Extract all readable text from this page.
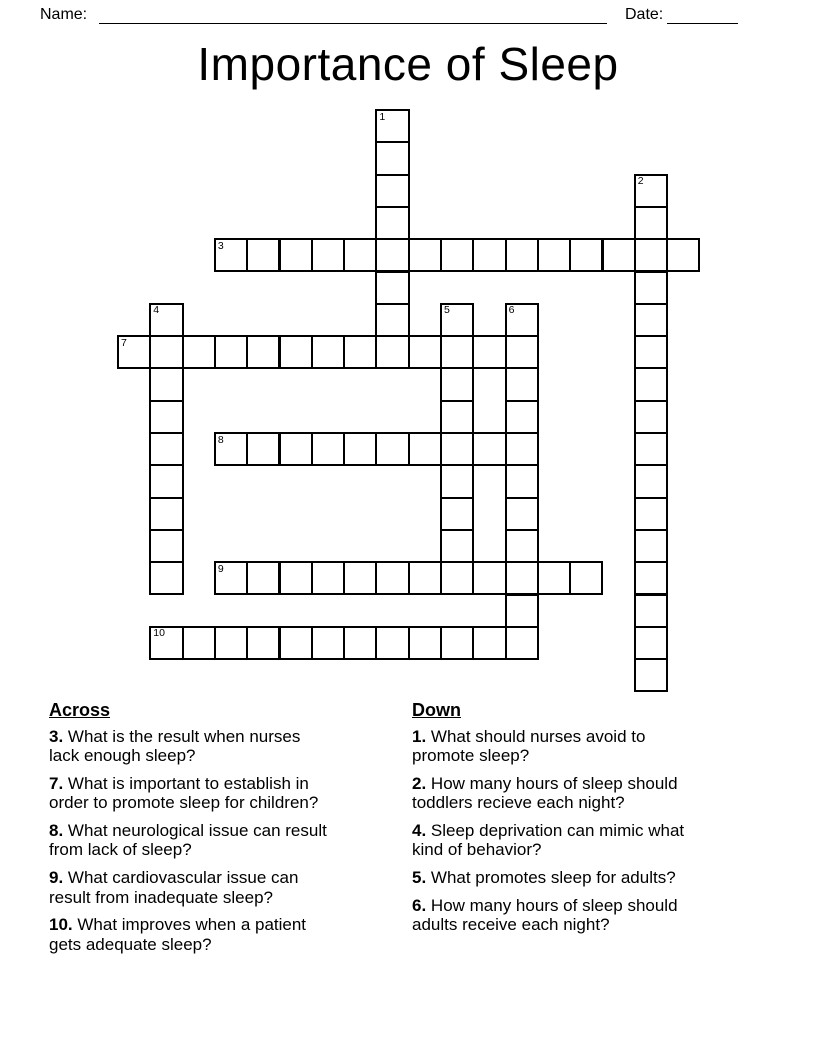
Name:	Date:
Importance of Sleep
1
2
3
4	5	6
7
8
9
10
Across

3. What is the result when nurses lack enough sleep?

7. What is important to establish in order to promote sleep for children?

8. What neurological issue can result from lack of sleep?

9. What cardiovascular issue can result from inadequate sleep?

10. What improves when a patient gets adequate sleep?

Down

1. What should nurses avoid to promote sleep?

2. How many hours of sleep should toddlers recieve each night?

4. Sleep deprivation can mimic what kind of behavior?

5. What promotes sleep for adults?

6. How many hours of sleep should adults receive each night?
